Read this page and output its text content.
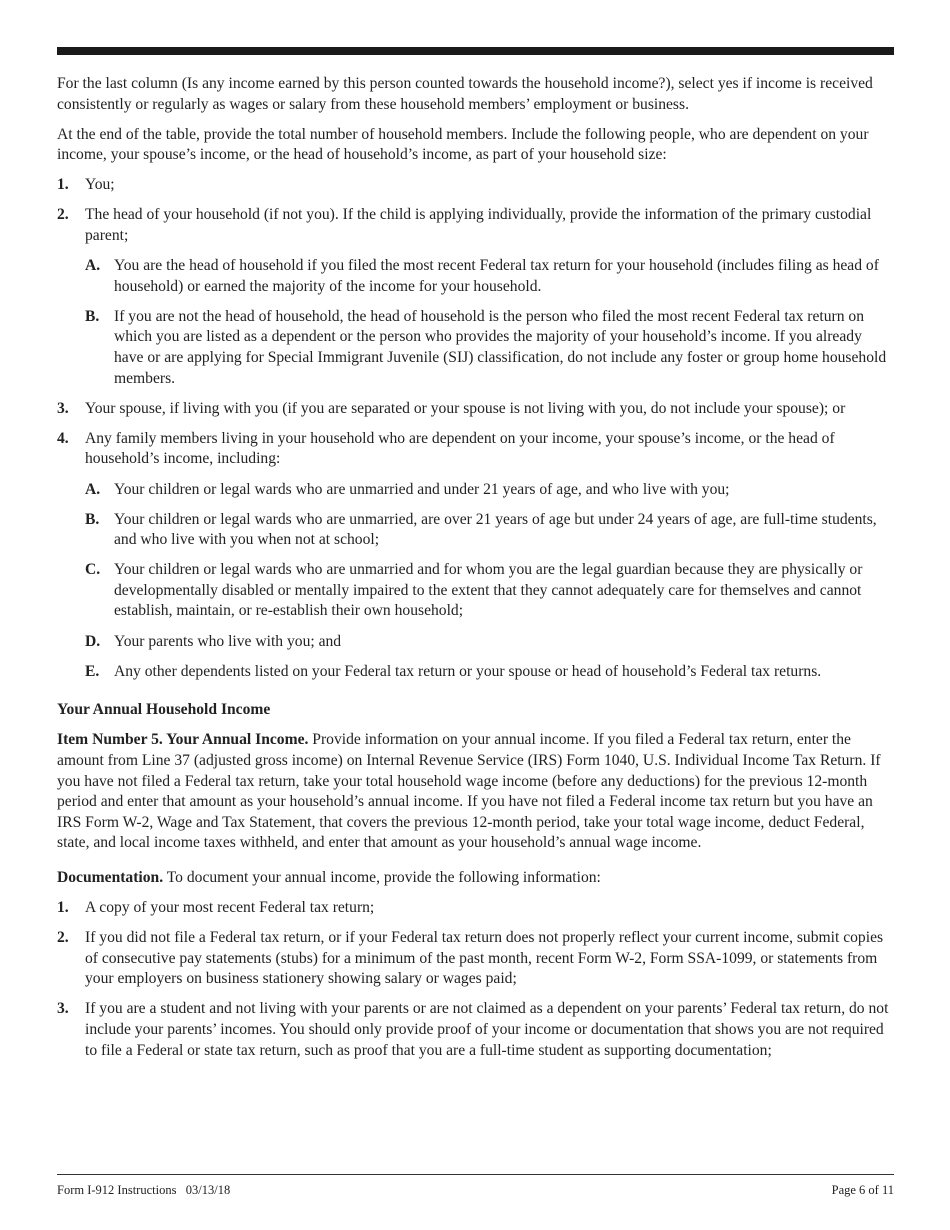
For the last column (Is any income earned by this person counted towards the household income?), select yes if income is received consistently or regularly as wages or salary from these household members’ employment or business.

At the end of the table, provide the total number of household members. Include the following people, who are dependent on your income, your spouse’s income, or the head of household’s income, as part of your household size:

1.	You;
2.	The head of your household (if not you). If the child is applying individually, provide the information of the primary custodial parent;
A. You are the head of household if you filed the most recent Federal tax return for your household (includes filing as head of household) or earned the majority of the income for your household.
B. If you are not the head of household, the head of household is the person who filed the most recent Federal tax return on which you are listed as a dependent or the person who provides the majority of your household’s income. If you already have or are applying for Special Immigrant Juvenile (SIJ) classification, do not include any foster or group home household members.
3.	Your spouse, if living with you (if you are separated or your spouse is not living with you, do not include your spouse); or
4.	Any family members living in your household who are dependent on your income, your spouse’s income, or the head of household’s income, including:
A. Your children or legal wards who are unmarried and under 21 years of age, and who live with you;
B. Your children or legal wards who are unmarried, are over 21 years of age but under 24 years of age, are full-time students, and who live with you when not at school;
C. Your children or legal wards who are unmarried and for whom you are the legal guardian because they are physically or developmentally disabled or mentally impaired to the extent that they cannot adequately care for themselves and cannot establish, maintain, or re-establish their own household;
D. Your parents who live with you; and
E. Any other dependents listed on your Federal tax return or your spouse or head of household’s Federal tax returns.
Your Annual Household Income

Item Number 5. Your Annual Income. Provide information on your annual income. If you filed a Federal tax return, enter the amount from Line 37 (adjusted gross income) on Internal Revenue Service (IRS) Form 1040, U.S. Individual Income Tax Return. If you have not filed a Federal tax return, take your total household wage income (before any deductions) for the previous 12-month period and enter that amount as your household’s annual income. If you have not filed a Federal income tax return but you have an IRS Form W-2, Wage and Tax Statement, that covers the previous 12-month period, take your total wage income, deduct Federal, state, and local income taxes withheld, and enter that amount as your household’s annual wage income.

Documentation. To document your annual income, provide the following information:

1.	A copy of your most recent Federal tax return;
2.	If you did not file a Federal tax return, or if your Federal tax return does not properly reflect your current income, submit copies of consecutive pay statements (stubs) for a minimum of the past month, recent Form W-2, Form SSA-1099, or statements from your employers on business stationery showing salary or wages paid;
3.	If you are a student and not living with your parents or are not claimed as a dependent on your parents’ Federal tax return, do not include your parents’ incomes. You should only provide proof of your income or documentation that shows you are not required to file a Federal or state tax return, such as proof that you are a full-time student as supporting documentation;
Form I-912 Instructions   03/13/18	Page 6 of 11
